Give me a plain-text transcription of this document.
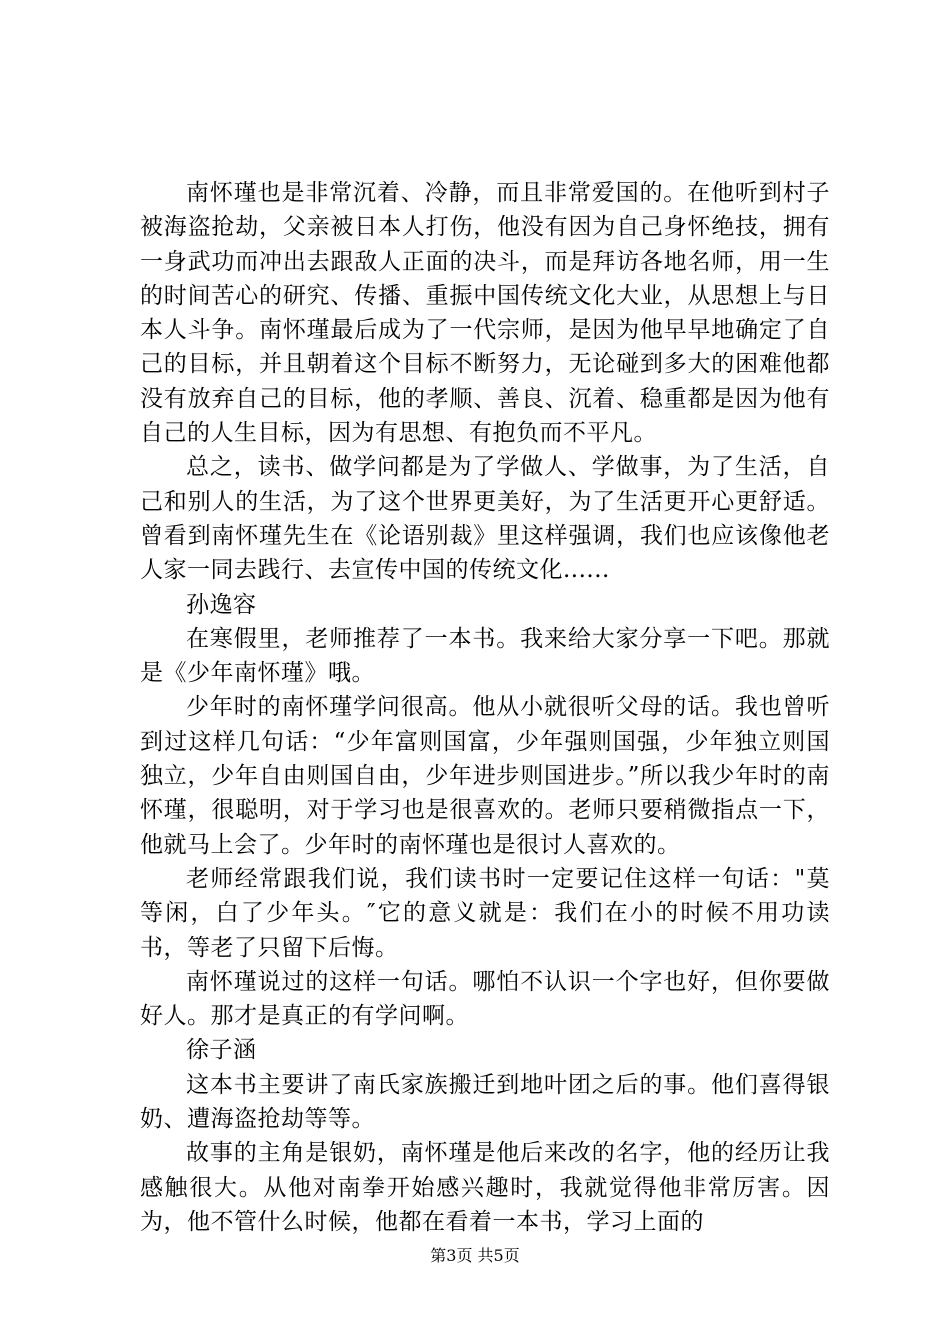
南怀瑾也是非常沉着、冷静，而且非常爱国的。在他听到村子被海盗抢劫，父亲被日本人打伤，他没有因为自己身怀绝技，拥有一身武功而冲出去跟敌人正面的决斗，而是拜访各地名师，用一生的时间苦心的研究、传播、重振中国传统文化大业，从思想上与日本人斗争。南怀瑾最后成为了一代宗师，是因为他早早地确定了自己的目标，并且朝着这个目标不断努力，无论碰到多大的困难他都没有放弃自己的目标，他的孝顺、善良、沉着、稳重都是因为他有自己的人生目标，因为有思想、有抱负而不平凡。

总之，读书、做学问都是为了学做人、学做事，为了生活，自己和别人的生活，为了这个世界更美好，为了生活更开心更舒适。曾看到南怀瑾先生在《论语别裁》里这样强调，我们也应该像他老人家一同去践行、去宣传中国的传统文化......

孙逸容

在寒假里，老师推荐了一本书。我来给大家分享一下吧。那就是《少年南怀瑾》哦。

少年时的南怀瑾学问很高。他从小就很听父母的话。我也曾听到过这样几句话：“少年富则国富，少年强则国强，少年独立则国独立，少年自由则国自由，少年进步则国进步。”所以我少年时的南怀瑾，很聪明，对于学习也是很喜欢的。老师只要稍微指点一下，他就马上会了。少年时的南怀瑾也是很讨人喜欢的。

老师经常跟我们说，我们读书时一定要记住这样一句话："莫等闲，白了少年头。″它的意义就是：我们在小的时候不用功读书，等老了只留下后悔。

南怀瑾说过的这样一句话。哪怕不认识一个字也好，但你要做好人。那才是真正的有学问啊。

徐子涵

这本书主要讲了南氏家族搬迁到地叶团之后的事。他们喜得银奶、遭海盗抢劫等等。

故事的主角是银奶，南怀瑾是他后来改的名字，他的经历让我感触很大。从他对南拳开始感兴趣时，我就觉得他非常厉害。因为，他不管什么时候，他都在看着一本书，学习上面的

第3页 共5页
